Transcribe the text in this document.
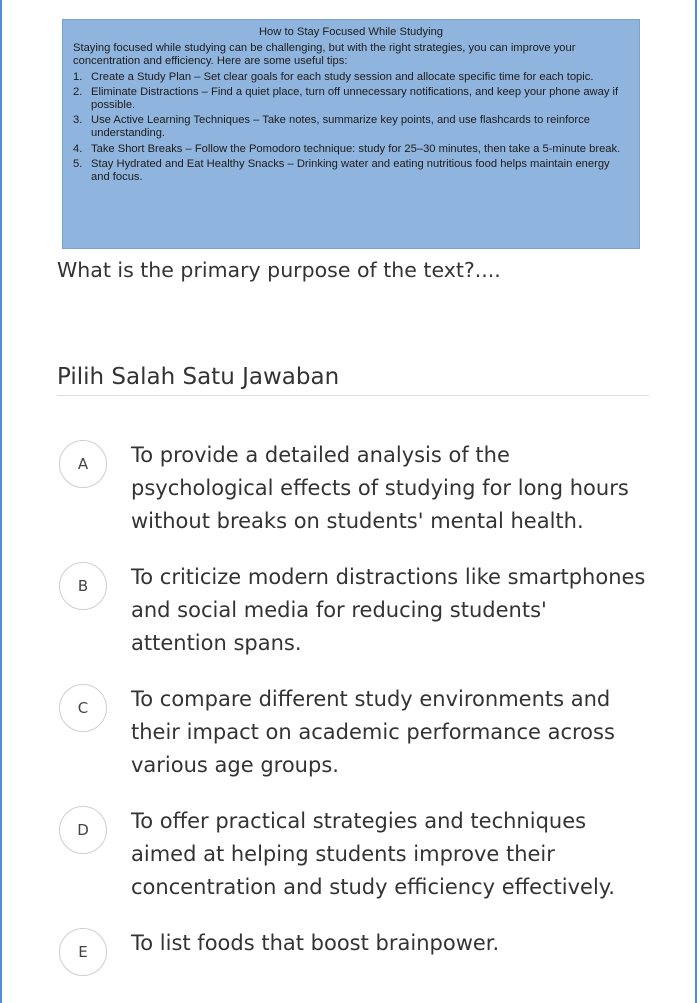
How to Stay Focused While Studying
Staying focused while studying can be challenging, but with the right strategies, you can improve your concentration and efficiency. Here are some useful tips:
1. Create a Study Plan – Set clear goals for each study session and allocate specific time for each topic.
2. Eliminate Distractions – Find a quiet place, turn off unnecessary notifications, and keep your phone away if possible.
3. Use Active Learning Techniques – Take notes, summarize key points, and use flashcards to reinforce understanding.
4. Take Short Breaks – Follow the Pomodoro technique: study for 25–30 minutes, then take a 5-minute break.
5. Stay Hydrated and Eat Healthy Snacks – Drinking water and eating nutritious food helps maintain energy and focus.
What is the primary purpose of the text?....
Pilih Salah Satu Jawaban
A	To provide a detailed analysis of the psychological effects of studying for long hours without breaks on students' mental health.
B	To criticize modern distractions like smartphones and social media for reducing students' attention spans.
C	To compare different study environments and their impact on academic performance across various age groups.
D	To offer practical strategies and techniques aimed at helping students improve their concentration and study efficiency effectively.
E	To list foods that boost brainpower.
